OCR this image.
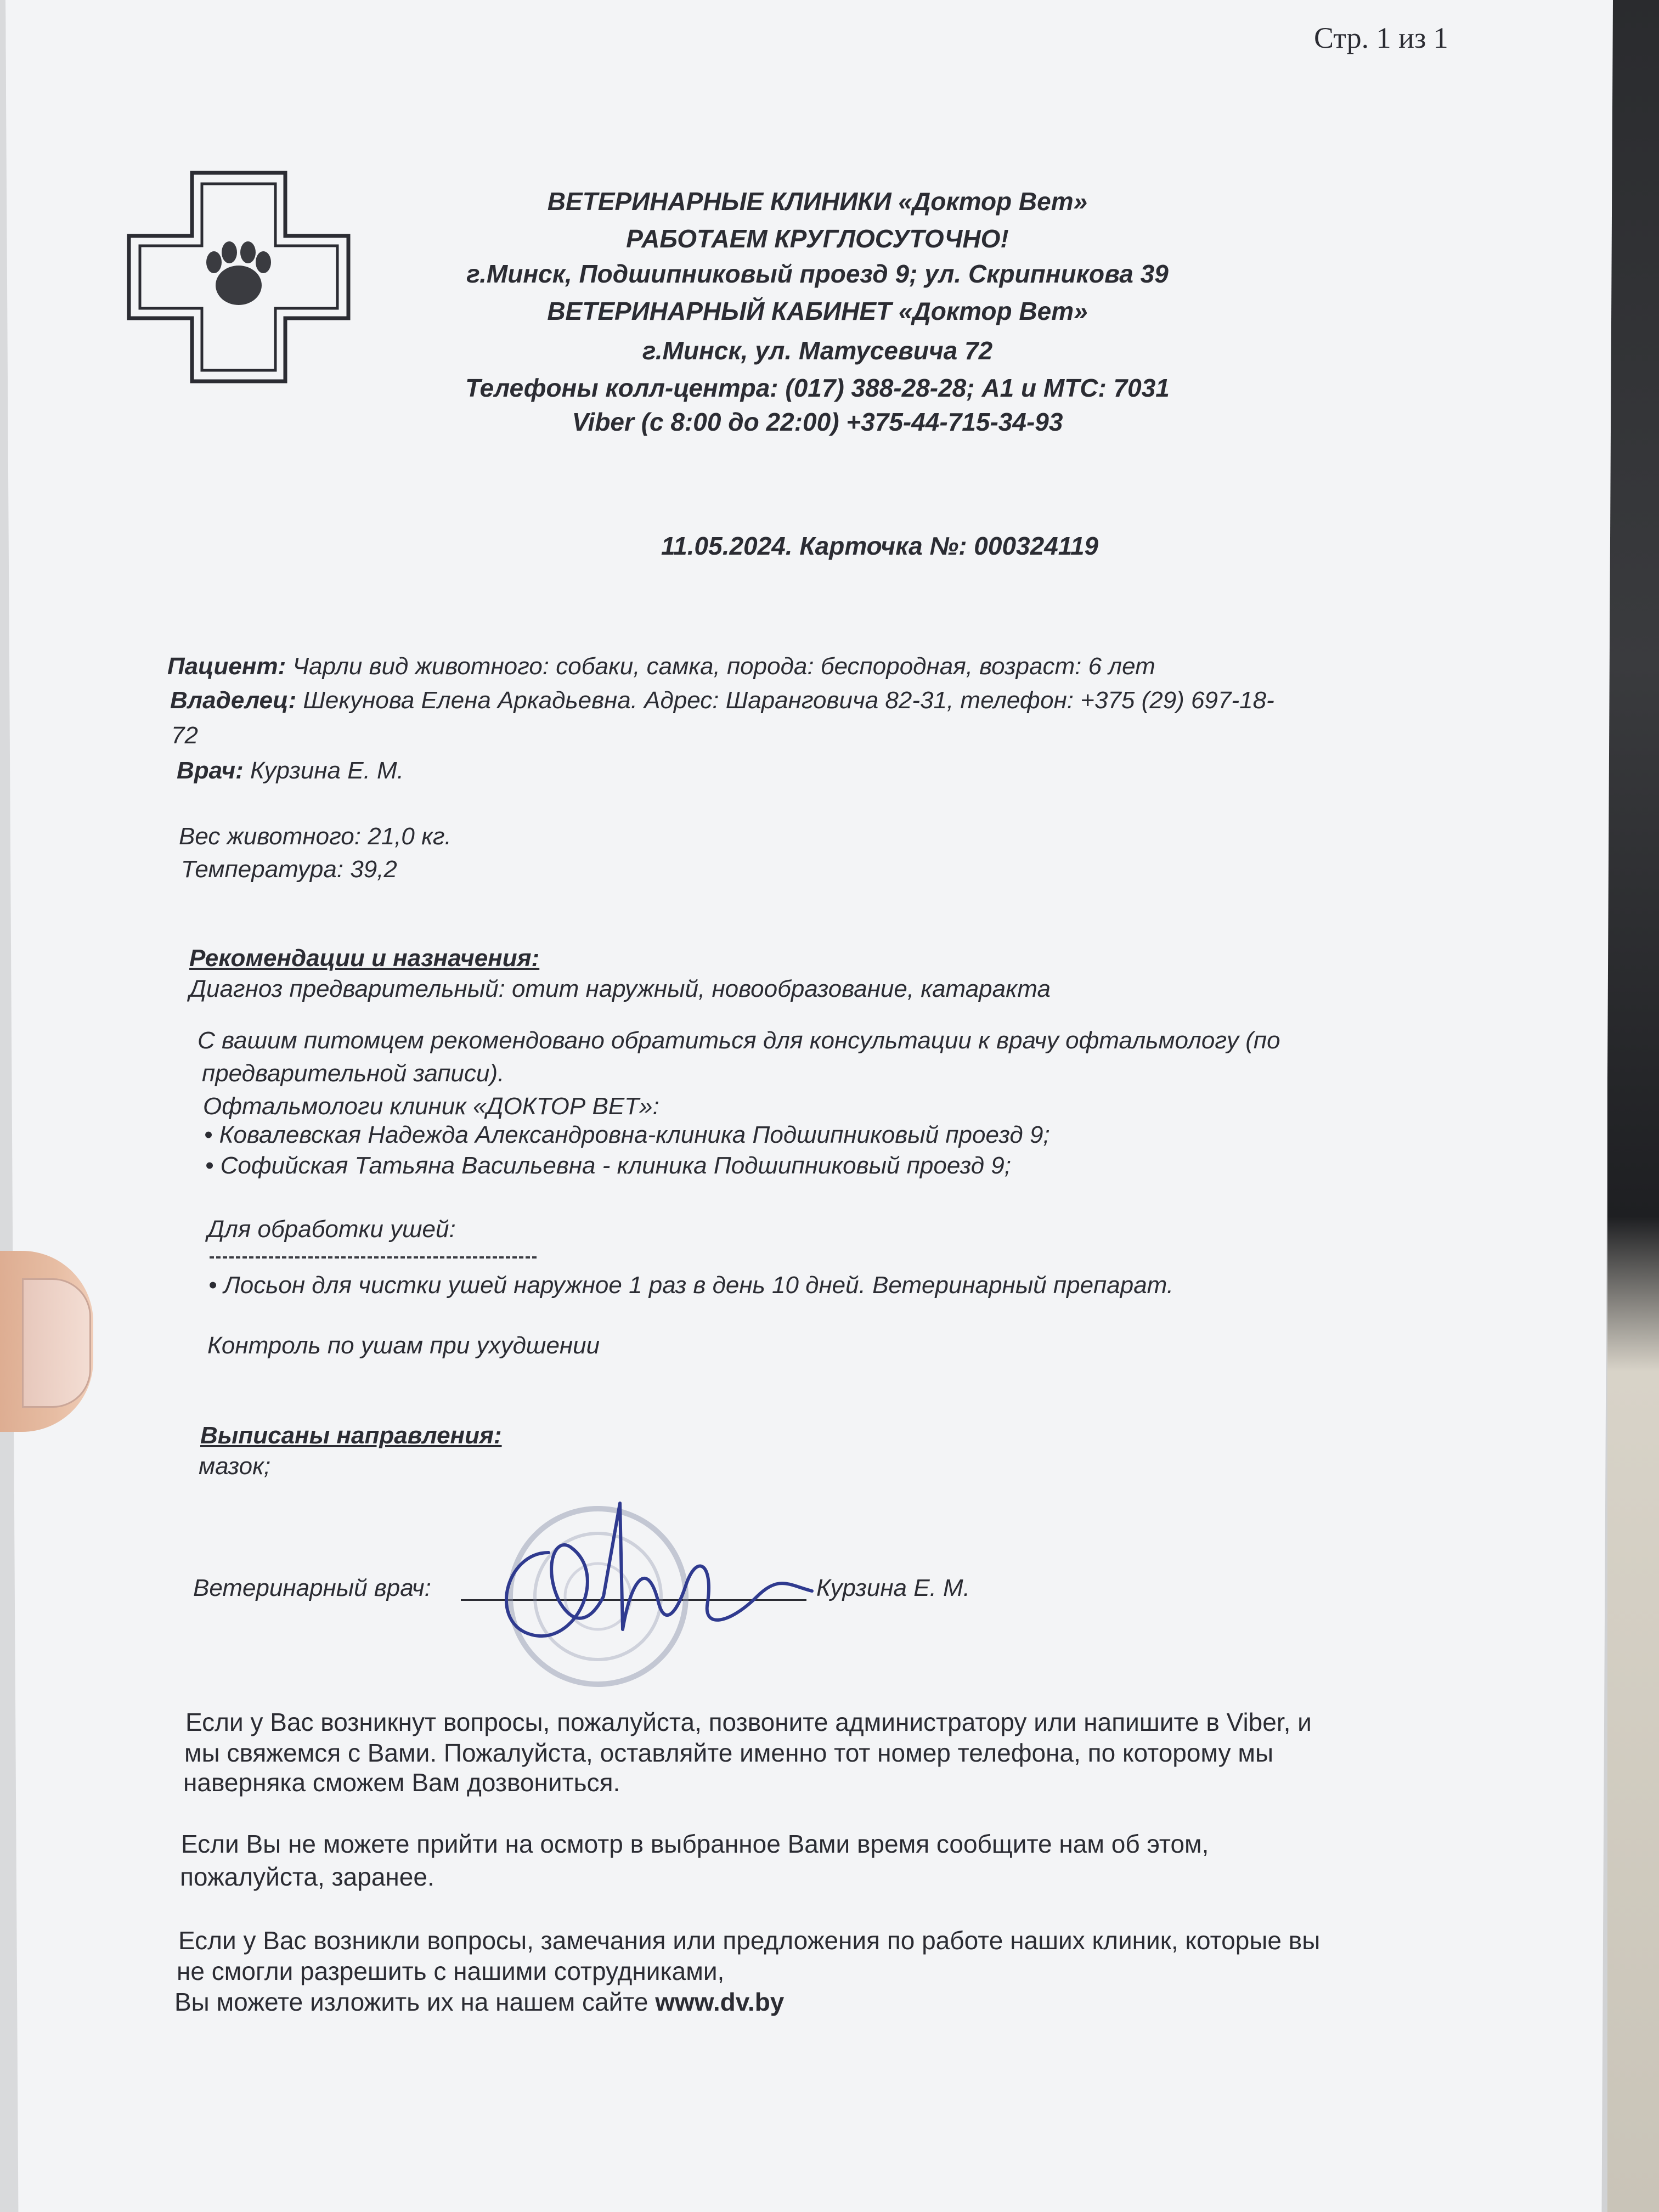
Стр. 1 из 1
ВЕТЕРИНАРНЫЕ КЛИНИКИ «Доктор Вет»
РАБОТАЕМ КРУГЛОСУТОЧНО!
г.Минск, Подшипниковый проезд 9; ул. Скрипникова 39
ВЕТЕРИНАРНЫЙ КАБИНЕТ «Доктор Вет»
г.Минск, ул. Матусевича 72
Телефоны колл-центра: (017) 388-28-28; А1 и МТС: 7031
Viber (с 8:00 до 22:00) +375-44-715-34-93
11.05.2024. Карточка №: 000324119
Пациент: Чарли вид животного: собаки, самка, порода: беспородная, возраст: 6 лет
Владелец: Шекунова Елена Аркадьевна. Адрес: Шаранговича 82-31, телефон: +375 (29) 697-18-
72
Врач: Курзина Е. М.
Вес животного: 21,0 кг.
Температура: 39,2
Рекомендации и назначения:
Диагноз предварительный: отит наружный, новообразование, катаракта
С вашим питомцем рекомендовано обратиться для консультации к врачу офтальмологу (по
предварительной записи).
Офтальмологи клиник «ДОКТОР ВЕТ»:
• Ковалевская Надежда Александровна-клиника Подшипниковый проезд 9;
• Софийская Татьяна Васильевна - клиника Подшипниковый проезд 9;
Для обработки ушей:
• Лосьон для чистки ушей наружное 1 раз в день 10 дней. Ветеринарный препарат.
Контроль по ушам при ухудшении
Выписаны направления:
мазок;
Ветеринарный врач:	Курзина Е. М.
Если у Вас возникнут вопросы, пожалуйста, позвоните администратору или напишите в Viber, и
мы свяжемся с Вами. Пожалуйста, оставляйте именно тот номер телефона, по которому мы
наверняка сможем Вам дозвониться.
Если Вы не можете прийти на осмотр в выбранное Вами время сообщите нам об этом,
пожалуйста, заранее.
Если у Вас возникли вопросы, замечания или предложения по работе наших клиник, которые вы
не смогли разрешить с нашими сотрудниками,
Вы можете изложить их на нашем сайте www.dv.by
